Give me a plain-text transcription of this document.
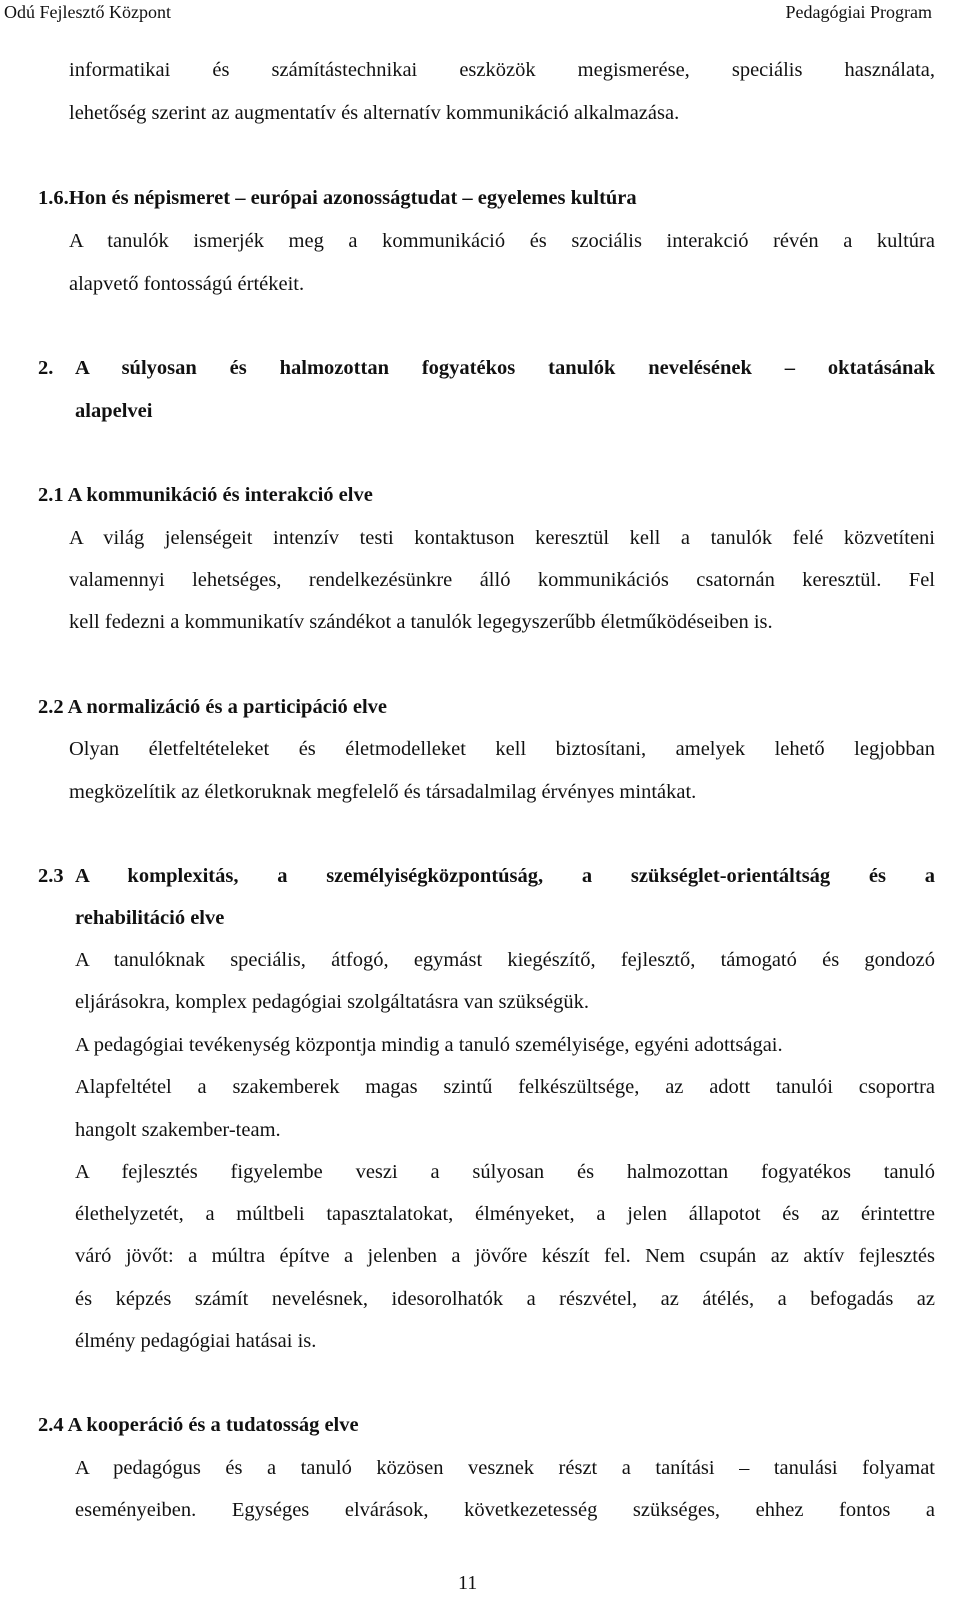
Odú Fejlesztő Központ	Pedagógiai Program
informatikai és számítástechnikai eszközök megismerése, speciális használata,
lehetőség szerint az augmentatív és alternatív kommunikáció alkalmazása.
1.6.Hon és népismeret – európai azonosságtudat – egyelemes kultúra
A tanulók ismerjék meg a kommunikáció és szociális interakció révén a kultúra
alapvető fontosságú értékeit.
2. A súlyosan és halmozottan fogyatékos tanulók nevelésének – oktatásának
alapelvei
2.1 A kommunikáció és interakció elve
A világ jelenségeit intenzív testi kontaktuson keresztül kell a tanulók felé közvetíteni
valamennyi lehetséges, rendelkezésünkre álló kommunikációs csatornán keresztül. Fel
kell fedezni a kommunikatív szándékot a tanulók legegyszerűbb életműködéseiben is.
2.2 A normalizáció és a participáció elve
Olyan életfeltételeket és életmodelleket kell biztosítani, amelyek lehető legjobban
megközelítik az életkoruknak megfelelő és társadalmilag érvényes mintákat.
2.3 A komplexitás, a személyiségközpontúság, a szükséglet-orientáltság és a
rehabilitáció elve
A tanulóknak speciális, átfogó, egymást kiegészítő, fejlesztő, támogató és gondozó
eljárásokra, komplex pedagógiai szolgáltatásra van szükségük.
A pedagógiai tevékenység központja mindig a tanuló személyisége, egyéni adottságai.
Alapfeltétel a szakemberek magas szintű felkészültsége, az adott tanulói csoportra
hangolt szakember-team.
A fejlesztés figyelembe veszi a súlyosan és halmozottan fogyatékos tanuló
élethelyzetét, a múltbeli tapasztalatokat, élményeket, a jelen állapotot és az érintettre
váró jövőt: a múltra építve a jelenben a jövőre készít fel. Nem csupán az aktív fejlesztés
és képzés számít nevelésnek, idesorolhatók a részvétel, az átélés, a befogadás az
élmény pedagógiai hatásai is.
2.4 A kooperáció és a tudatosság elve
A pedagógus és a tanuló közösen vesznek részt a tanítási – tanulási folyamat
eseményeiben. Egységes elvárások, következetesség szükséges, ehhez fontos a
11
